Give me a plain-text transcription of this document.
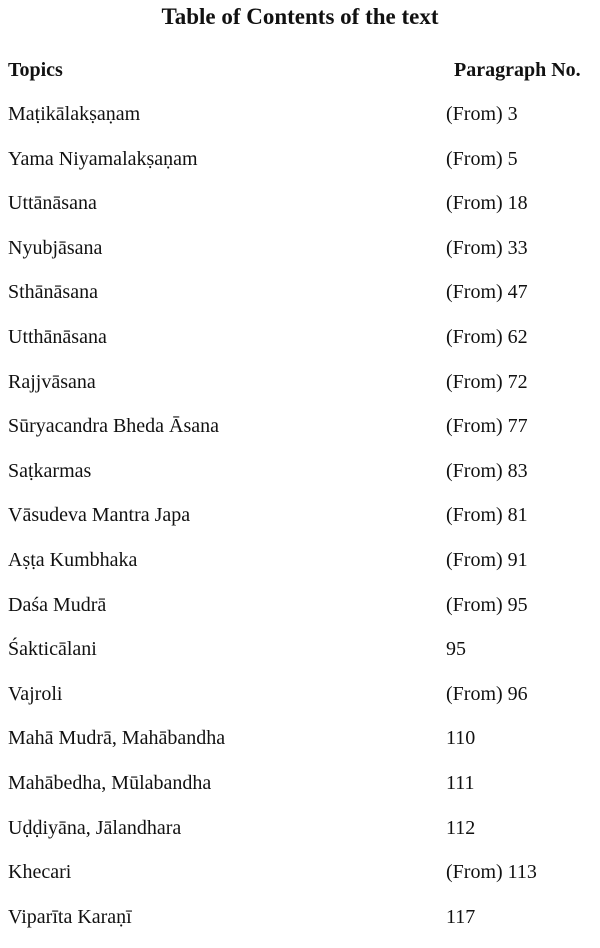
Table of Contents of the text
Topics	Paragraph No.
Maṭikālakṣaṇam	(From) 3
Yama Niyamalakṣaṇam	(From) 5
Uttānāsana	(From) 18
Nyubjāsana	(From) 33
Sthānāsana	(From) 47
Utthānāsana	(From) 62
Rajjvāsana	(From) 72
Sūryacandra Bheda Āsana	(From) 77
Saṭkarmas	(From) 83
Vāsudeva Mantra Japa	(From) 81
Aṣṭa Kumbhaka	(From) 91
Daśa Mudrā	(From) 95
Śakticālani	95
Vajroli	(From) 96
Mahā Mudrā, Mahābandha	110
Mahābedha, Mūlabandha	111
Uḍḍiyāna, Jālandhara	112
Khecari	(From) 113
Viparīta Karaṇī	117
